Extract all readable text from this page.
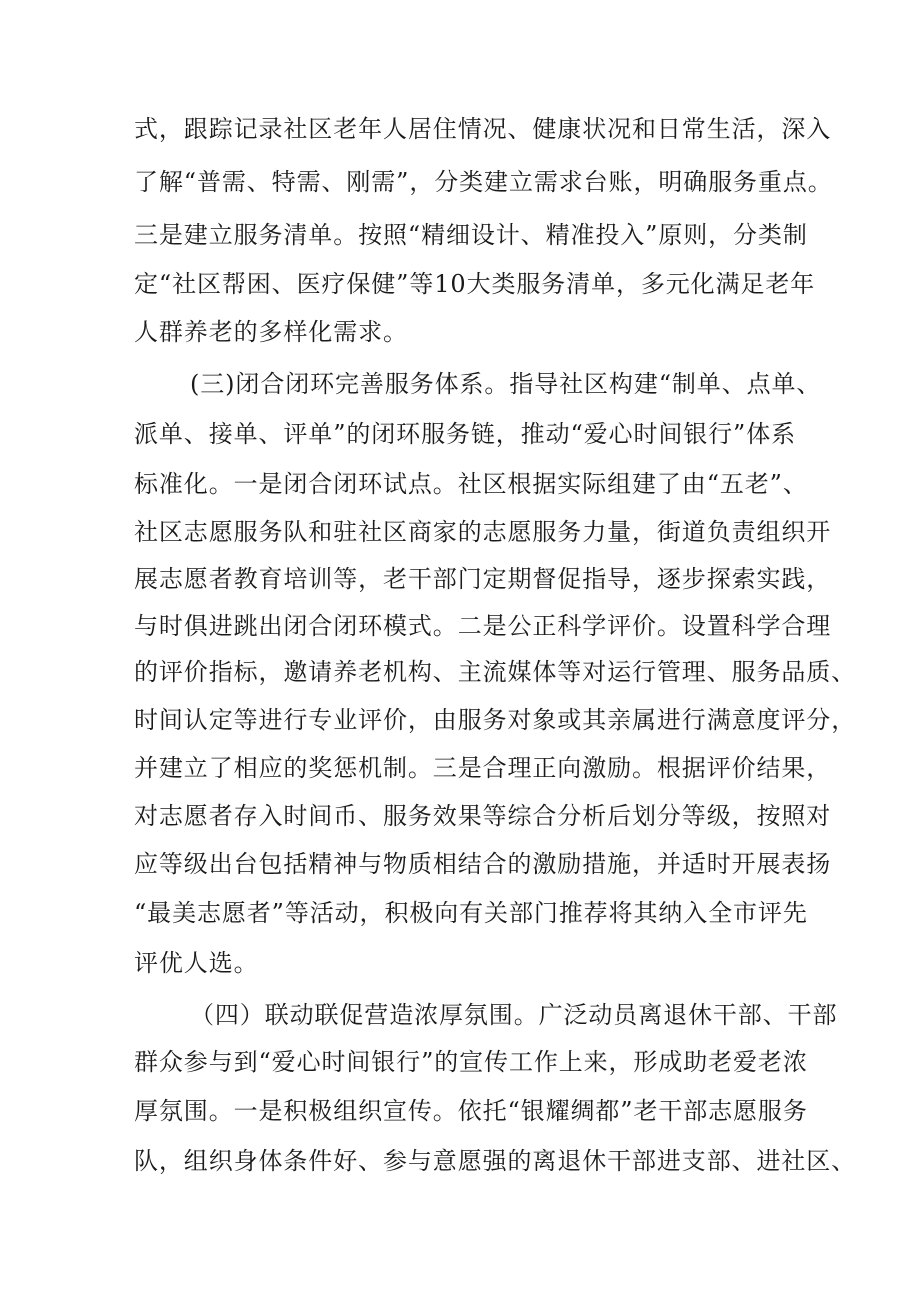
式，跟踪记录社区老年人居住情况、健康状况和日常生活，深入
了解“普需、特需、刚需”，分类建立需求台账，明确服务重点。
三是建立服务清单。按照“精细设计、精准投入”原则，分类制
定“社区帮困、医疗保健”等10大类服务清单，多元化满足老年
人群养老的多样化需求。
(三)闭合闭环完善服务体系。指导社区构建“制单、点单、
派单、接单、评单”的闭环服务链，推动“爱心时间银行”体系
标准化。一是闭合闭环试点。社区根据实际组建了由“五老”、
社区志愿服务队和驻社区商家的志愿服务力量，街道负责组织开
展志愿者教育培训等，老干部门定期督促指导，逐步探索实践，
与时俱进跳出闭合闭环模式。二是公正科学评价。设置科学合理
的评价指标，邀请养老机构、主流媒体等对运行管理、服务品质、
时间认定等进行专业评价，由服务对象或其亲属进行满意度评分，
并建立了相应的奖惩机制。三是合理正向激励。根据评价结果，
对志愿者存入时间币、服务效果等综合分析后划分等级，按照对
应等级出台包括精神与物质相结合的激励措施，并适时开展表扬
“最美志愿者”等活动，积极向有关部门推荐将其纳入全市评先
评优人选。
（四）联动联促营造浓厚氛围。广泛动员离退休干部、干部
群众参与到“爱心时间银行”的宣传工作上来，形成助老爱老浓
厚氛围。一是积极组织宣传。依托“银耀绸都”老干部志愿服务
队，组织身体条件好、参与意愿强的离退休干部进支部、进社区、
